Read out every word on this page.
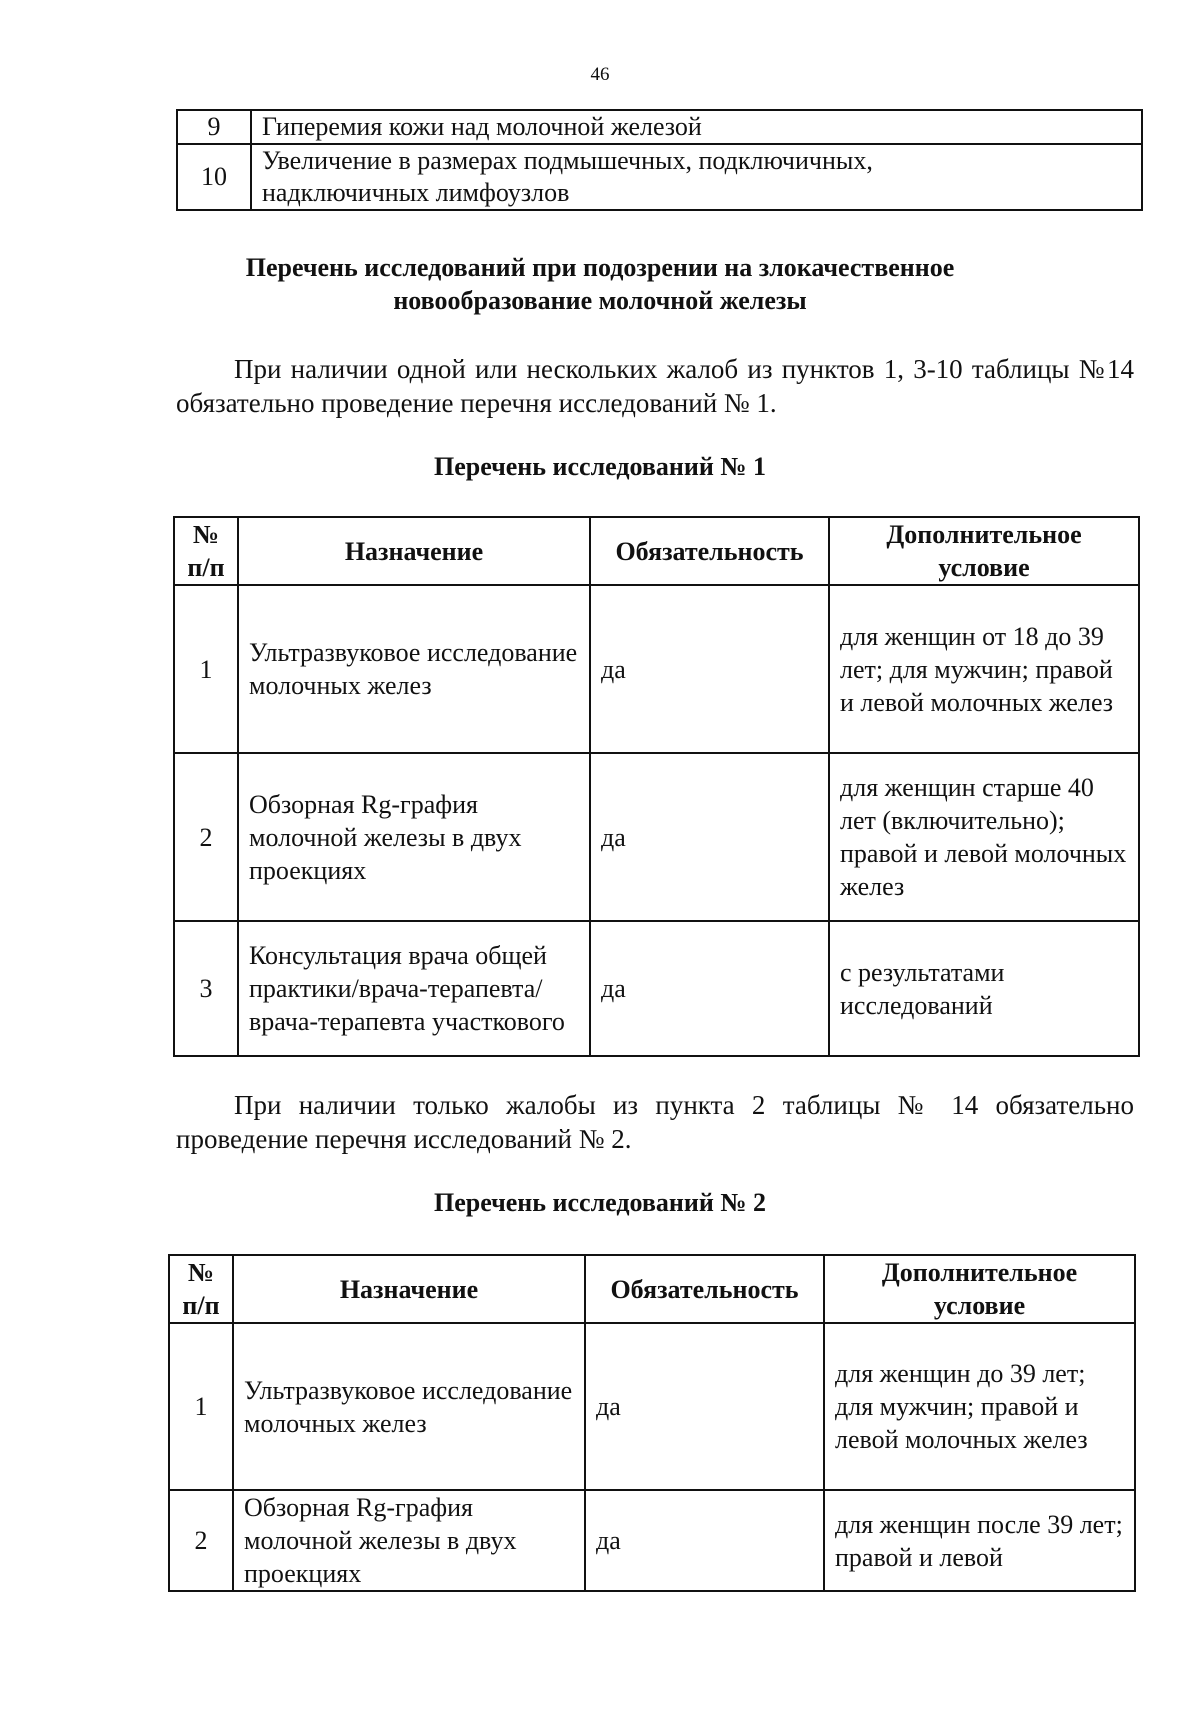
46
9	Гиперемия кожи над молочной железой
10	Увеличение в размерах подмышечных, подключичных,
надключичных лимфоузлов
Перечень исследований при подозрении на злокачественное
новообразование молочной железы
При наличии одной или нескольких жалоб из пунктов 1, 3-10 таблицы №14 обязательно проведение перечня исследований № 1.
Перечень исследований № 1
№
п/п	Назначение	Обязательность	Дополнительное
условие
1	Ультразвуковое исследование молочных желез	да	для женщин от 18 до 39 лет; для мужчин; правой и левой молочных желез
2	Обзорная Rg-графия молочной железы в двух проекциях	да	для женщин старше 40 лет (включительно); правой и левой молочных желез
3	Консультация врача общей практики/врача-терапевта/врача-терапевта участкового	да	с результатами исследований
При наличии только жалобы из пункта 2 таблицы № 14 обязательно проведение перечня исследований № 2.
Перечень исследований № 2
№
п/п	Назначение	Обязательность	Дополнительное
условие
1	Ультразвуковое исследование молочных желез	да	для женщин до 39 лет; для мужчин; правой и левой молочных желез
2	Обзорная Rg-графия молочной железы в двух проекциях	да	для женщин после 39 лет; правой и левой
